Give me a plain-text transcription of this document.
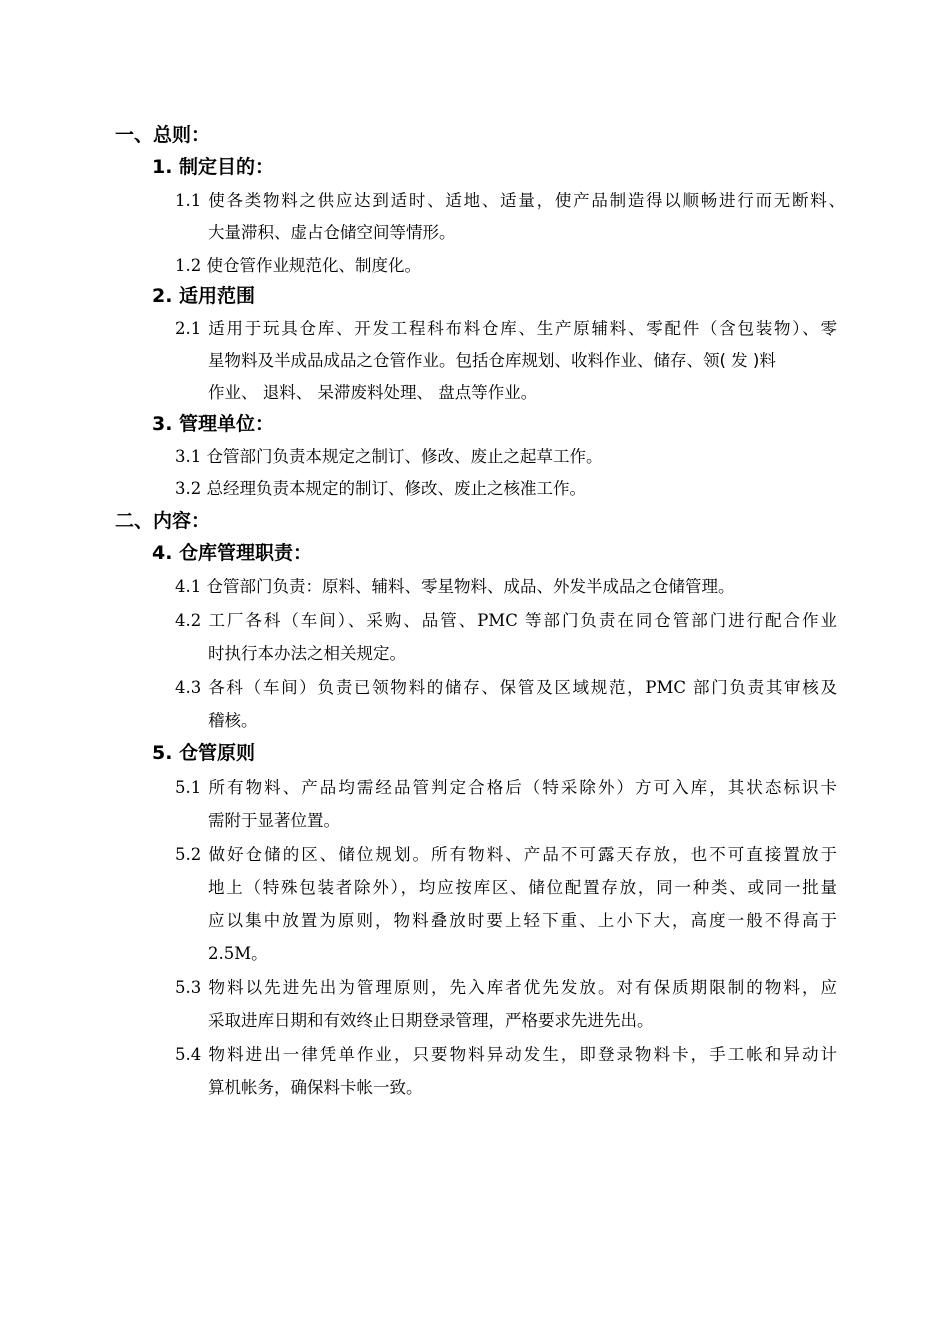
一、总则：
1. 制定目的：
1.1 使各类物料之供应达到适时、适地、适量，使产品制造得以顺畅进行而无断料、
大量滞积、虚占仓储空间等情形。
1.2 使仓管作业规范化、制度化。
2. 适用范围
2.1 适用于玩具仓库、开发工程科布料仓库、生产原辅料、零配件（含包装物）、零
星物料及半成品成品之仓管作业。包括仓库规划、收料作业、储存、领( 发 )料
作业、 退料、 呆滞废料处理、 盘点等作业。
3. 管理单位：
3.1 仓管部门负责本规定之制订、修改、废止之起草工作。
3.2 总经理负责本规定的制订、修改、废止之核准工作。
二、内容：
4. 仓库管理职责：
4.1 仓管部门负责：原料、辅料、零星物料、成品、外发半成品之仓储管理。
4.2 工厂各科（车间）、采购、品管、PMC 等部门负责在同仓管部门进行配合作业
时执行本办法之相关规定。
4.3 各科（车间）负责已领物料的储存、保管及区域规范，PMC 部门负责其审核及
稽核。
5. 仓管原则
5.1 所有物料、产品均需经品管判定合格后（特采除外）方可入库，其状态标识卡
需附于显著位置。
5.2 做好仓储的区、储位规划。所有物料、产品不可露天存放，也不可直接置放于
地上（特殊包装者除外），均应按库区、储位配置存放，同一种类、或同一批量
应以集中放置为原则，物料叠放时要上轻下重、上小下大，高度一般不得高于
2.5M。
5.3 物料以先进先出为管理原则，先入库者优先发放。对有保质期限制的物料，应
采取进库日期和有效终止日期登录管理，严格要求先进先出。
5.4 物料进出一律凭单作业，只要物料异动发生，即登录物料卡，手工帐和异动计
算机帐务，确保料卡帐一致。
